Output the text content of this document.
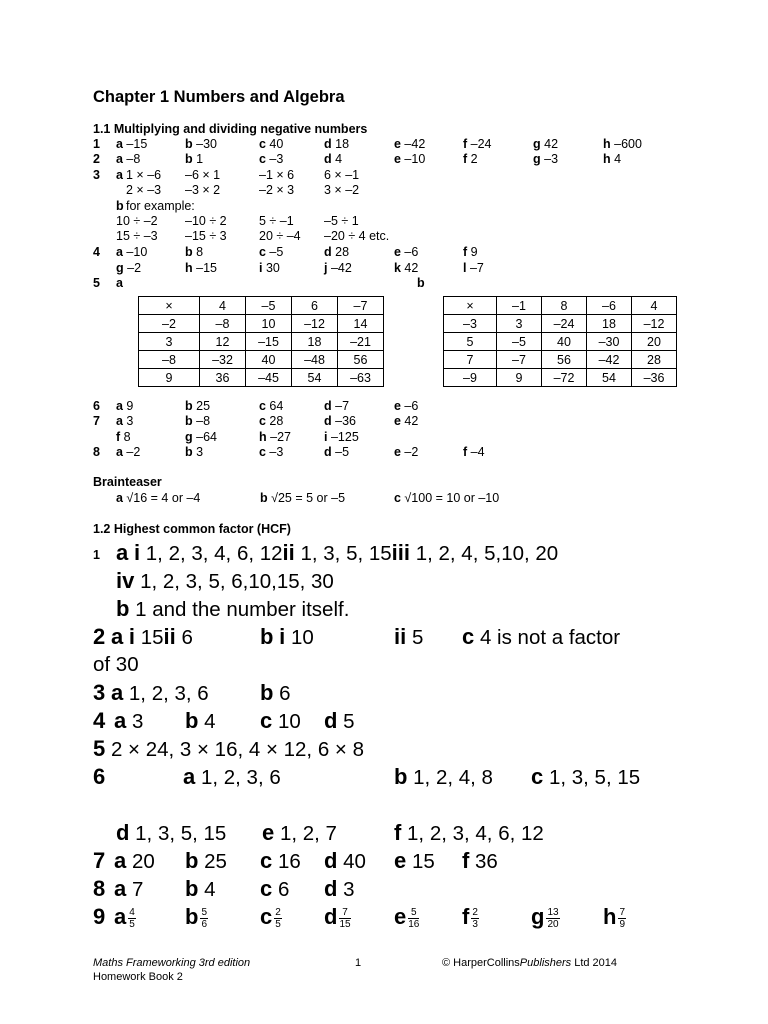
Chapter 1 Numbers and Algebra
1.1 Multiplying and dividing negative numbers
1 a –15	b –30	c 40	d 18	e –42	f –24	g 42	h –600
2 a –8	b 1	c –3	d 4	e –10	f 2	g –3	h 4
3 a 1 × –6 –6 × 1	–1 × 6 6 × –1
2 × –3 –3 × 2	–2 × 3 3 × –2
b for example:
10 ÷ –2 –10 ÷ 2	5 ÷ –1 –5 ÷ 1
15 ÷ –3 –15 ÷ 3	20 ÷ –4 –20 ÷ 4 etc.
4 a –10	b 8	c –5	d 28	e –6	f 9
g –2	h –15	i 30	j –42	k 42	l –7
5 a	b
×	4	–5	6	–7
–2	–8	10	–12	14
3	12	–15	18	–21
–8	–32	40	–48	56
9	36	–45	54	–63
×	–1	8	–6	4
–3	3	–24	18	–12
5	–5	40	–30	20
7	–7	56	–42	28
–9	9	–72	54	–36
6 a 9	b 25	c 64	d –7	e –6
7 a 3	b –8	c 28	d –36	e 42
f 8	g –64	h –27	i –125
8 a –2	b 3	c –3	d –5	e –2	f –4
Brainteaser
a √16 = 4 or –4	b √25 = 5 or –5	c √100 = 10 or –10
1.2 Highest common factor (HCF)
1 a i 1, 2, 3, 4, 6, 12ii 1, 3, 5, 15iii 1, 2, 4, 5,10, 20
iv 1, 2, 3, 5, 6,10,15, 30
b 1 and the number itself.
2 a i 15ii 6	b i 10	ii 5 c 4 is not a factor
of 30
3 a 1, 2, 3, 6 b 6
4 a 3 b 4 c 10 d 5
5 2 × 24, 3 × 16, 4 × 12, 6 × 8
6	a 1, 2, 3, 6	b 1, 2, 4, 8 c 1, 3, 5, 15
d 1, 3, 5, 15 e 1, 2, 7	f 1, 2, 3, 4, 6, 12
7 a 20 b 25 c 16 d 40 e 15 f 36
8 a 7 b 4 c 6 d 3
9 a $\frac{4}{5}$ b $\frac{5}{6}$ c $\frac{2}{5}$ d $\frac{7}{15}$ e $\frac{5}{16}$ f $\frac{2}{3}$ g $\frac{13}{20}$ h $\frac{7}{9}$
Maths Frameworking 3rd edition
Homework Book 2
1	© HarperCollinsPublishers Ltd 2014
